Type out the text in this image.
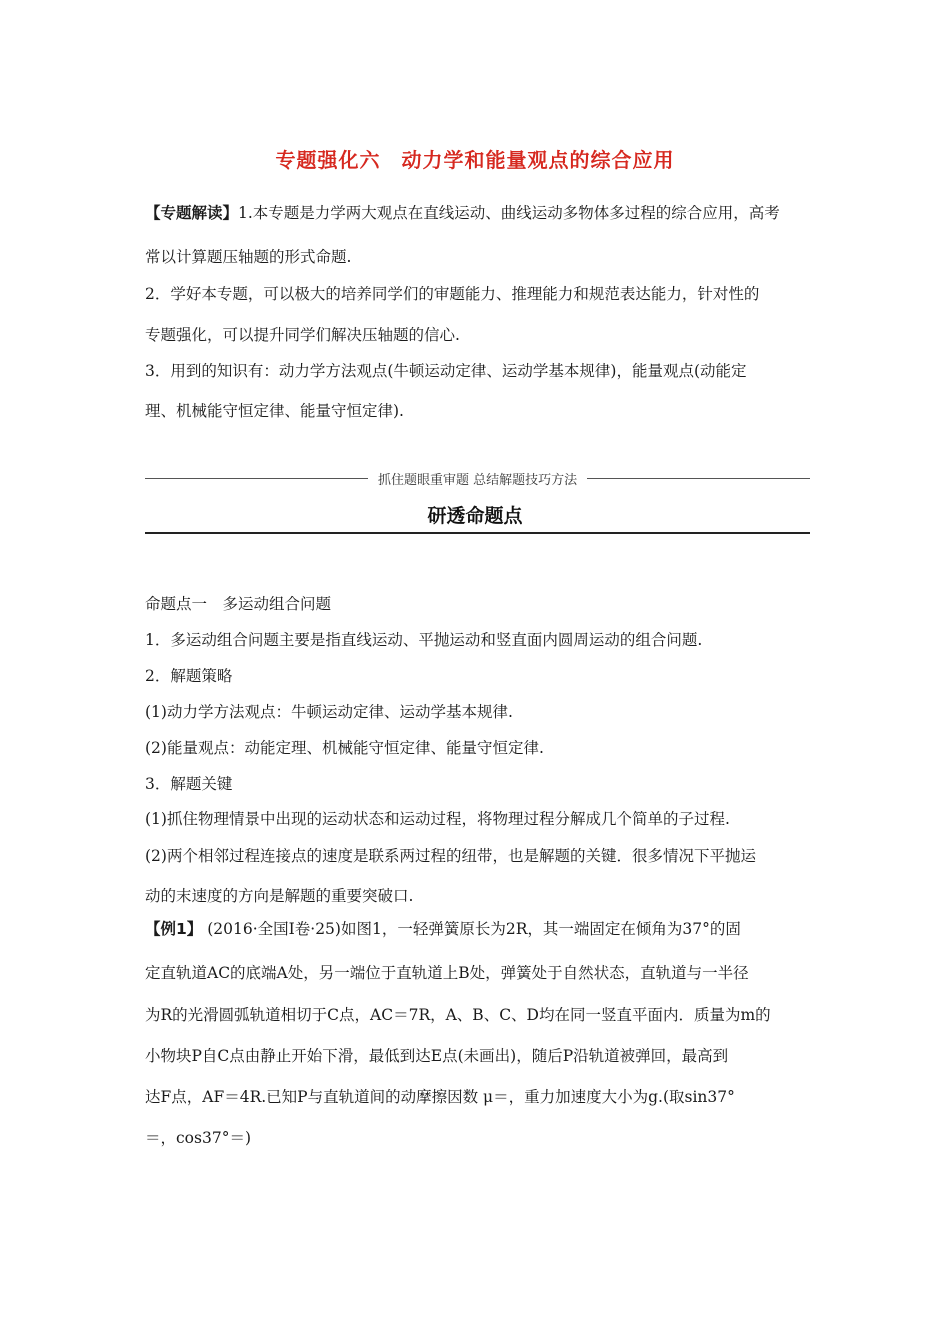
专题强化六　动力学和能量观点的综合应用
【专题解读】1.本专题是力学两大观点在直线运动、曲线运动多物体多过程的综合应用，高考
常以计算题压轴题的形式命题.
2．学好本专题，可以极大的培养同学们的审题能力、推理能力和规范表达能力，针对性的
专题强化，可以提升同学们解决压轴题的信心.
3．用到的知识有：动力学方法观点(牛顿运动定律、运动学基本规律)，能量观点(动能定
理、机械能守恒定律、能量守恒定律).
抓住题眼重审题 总结解题技巧方法
研透命题点
命题点一　多运动组合问题
1．多运动组合问题主要是指直线运动、平抛运动和竖直面内圆周运动的组合问题.
2．解题策略
(1)动力学方法观点：牛顿运动定律、运动学基本规律.
(2)能量观点：动能定理、机械能守恒定律、能量守恒定律.
3．解题关键
(1)抓住物理情景中出现的运动状态和运动过程，将物理过程分解成几个简单的子过程.
(2)两个相邻过程连接点的速度是联系两过程的纽带，也是解题的关键．很多情况下平抛运
动的末速度的方向是解题的重要突破口.
【例1】 (2016·全国Ⅰ卷·25)如图1，一轻弹簧原长为2R，其一端固定在倾角为37°的固
定直轨道AC的底端A处，另一端位于直轨道上B处，弹簧处于自然状态，直轨道与一半径
为R的光滑圆弧轨道相切于C点，AC＝7R，A、B、C、D均在同一竖直平面内．质量为m的
小物块P自C点由静止开始下滑，最低到达E点(未画出)，随后P沿轨道被弹回，最高到
达F点，AF＝4R.已知P与直轨道间的动摩擦因数 μ＝，重力加速度大小为g.(取sin37°
＝，cos37°＝)
